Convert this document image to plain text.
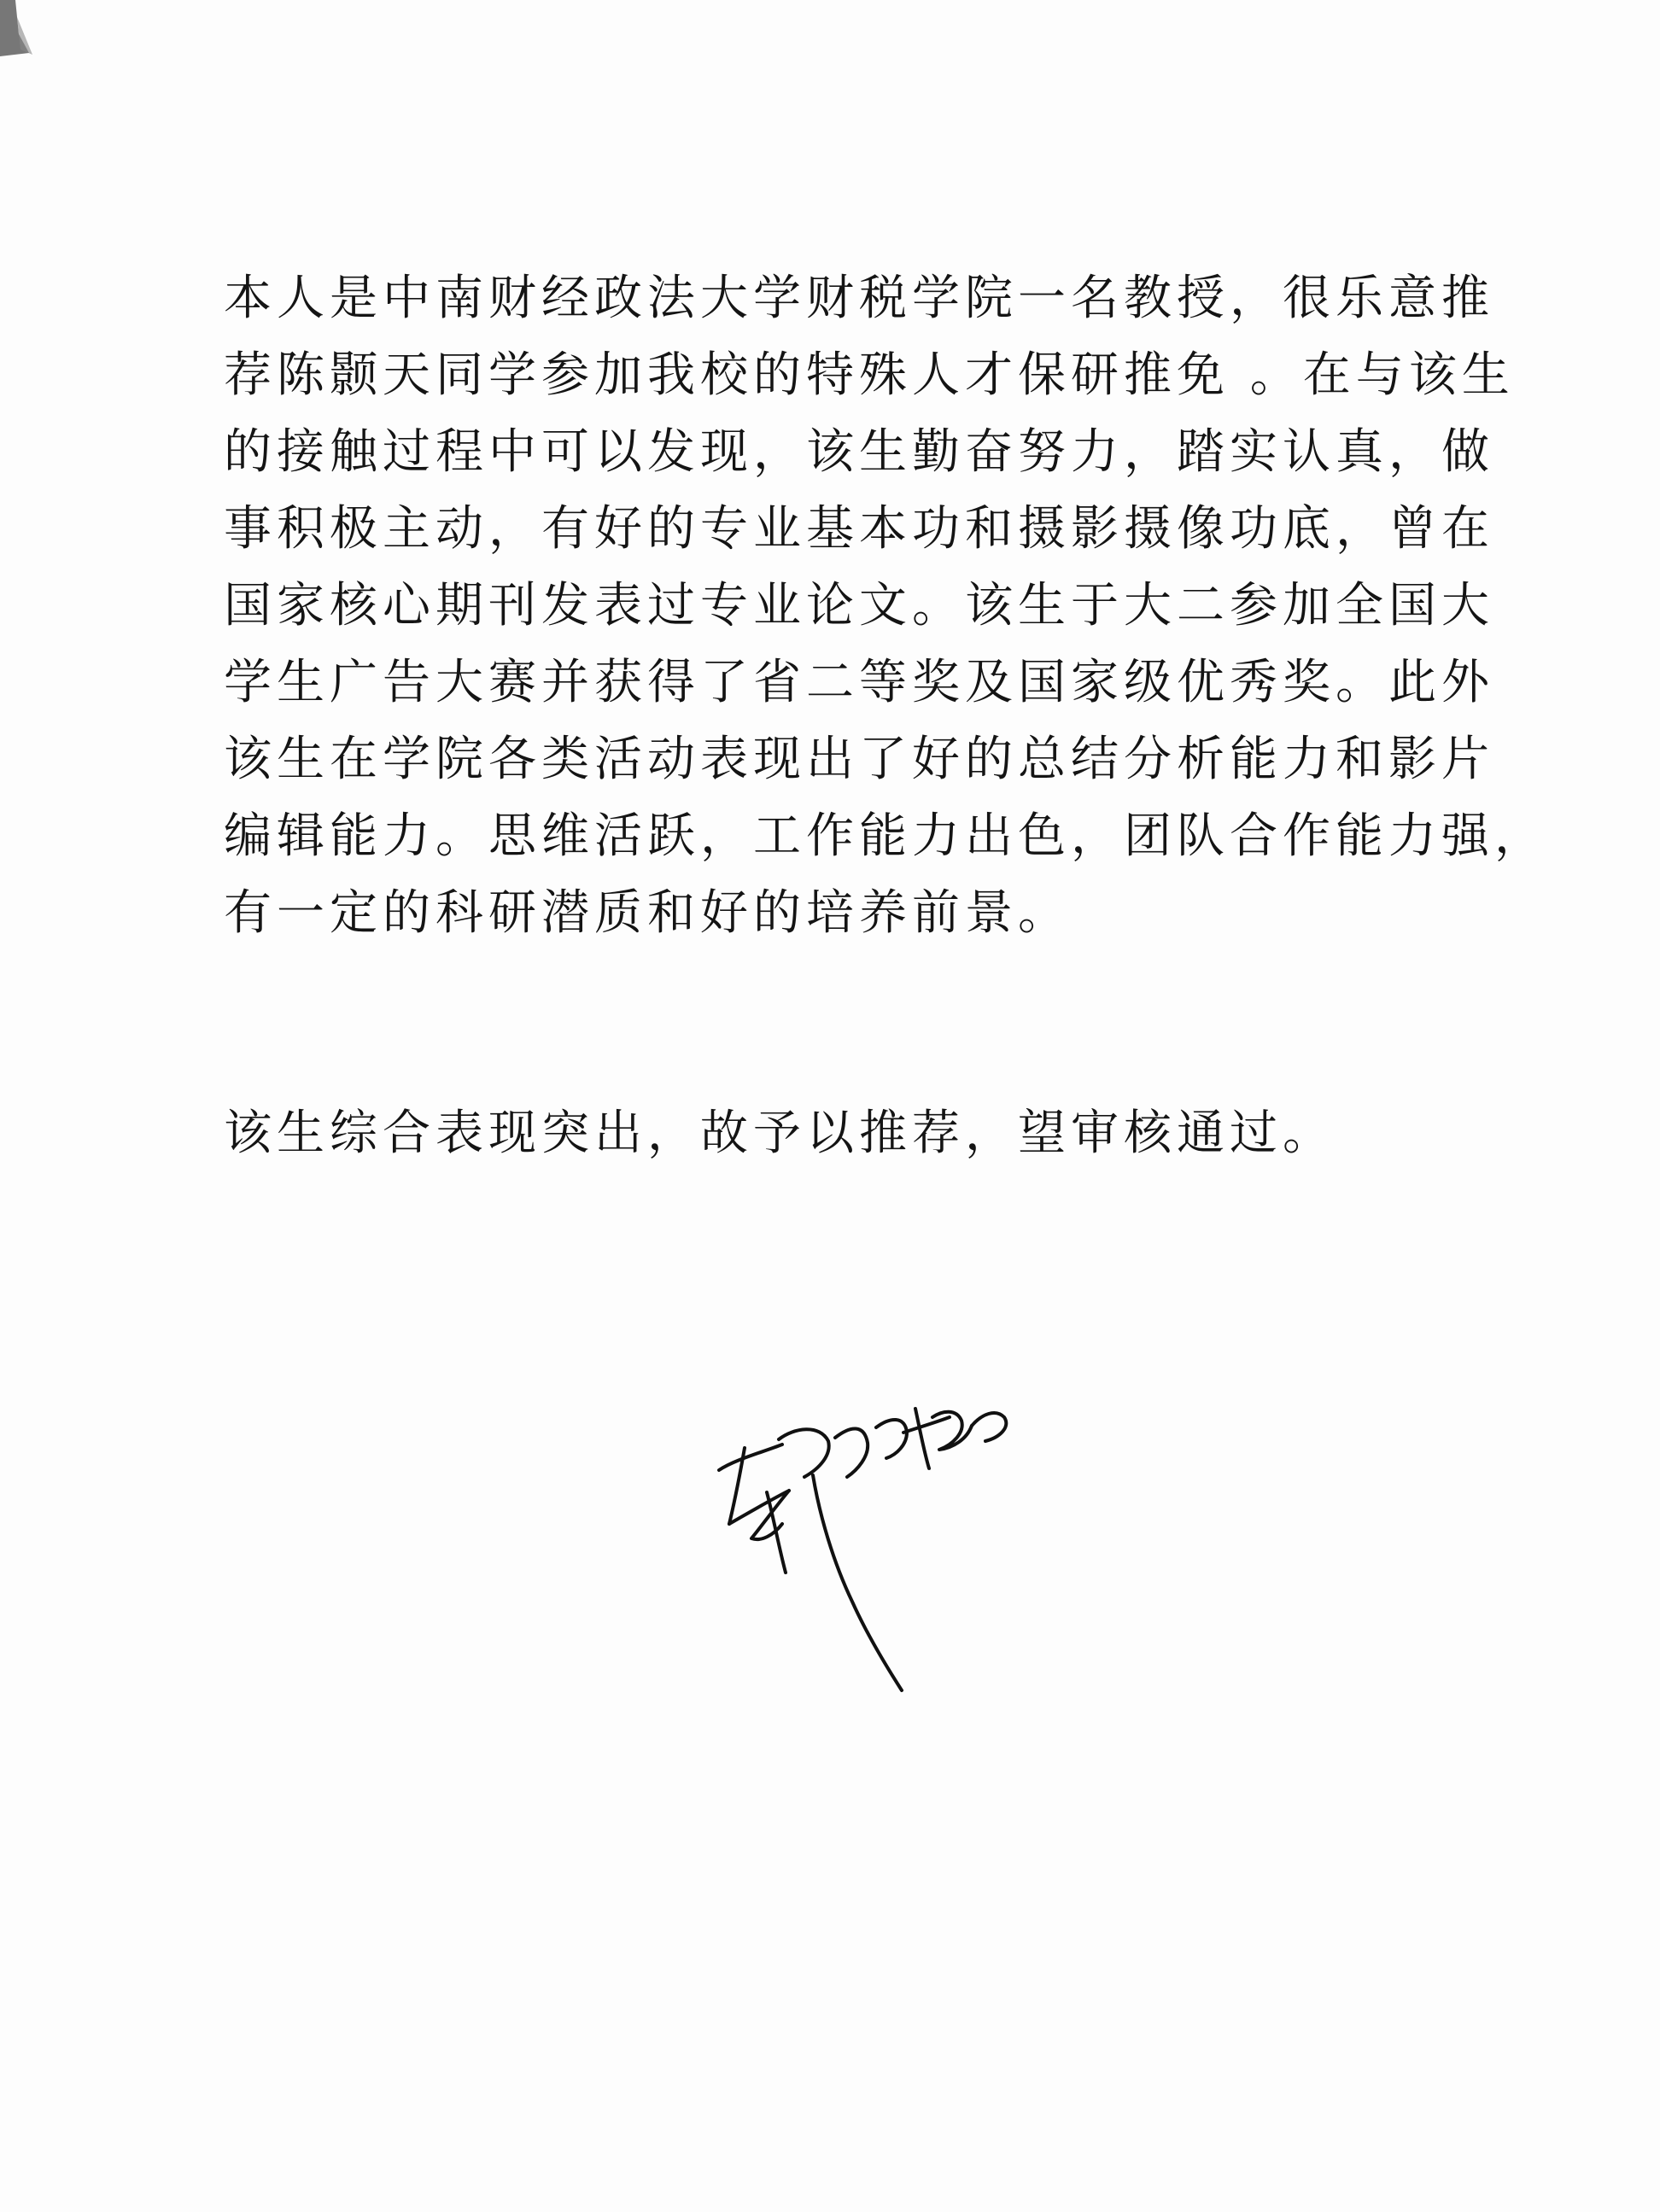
本人是中南财经政法大学财税学院一名教授，很乐意推
荐陈颢天同学参加我校的特殊人才保研推免 。在与该生
的接触过程中可以发现，该生勤奋努力，踏实认真，做
事积极主动，有好的专业基本功和摄影摄像功底，曾在
国家核心期刊发表过专业论文。该生于大二参加全国大
学生广告大赛并获得了省二等奖及国家级优秀奖。此外
该生在学院各类活动表现出了好的总结分析能力和影片
编辑能力。思维活跃，工作能力出色，团队合作能力强，
有一定的科研潜质和好的培养前景。
该生综合表现突出，故予以推荐，望审核通过。
